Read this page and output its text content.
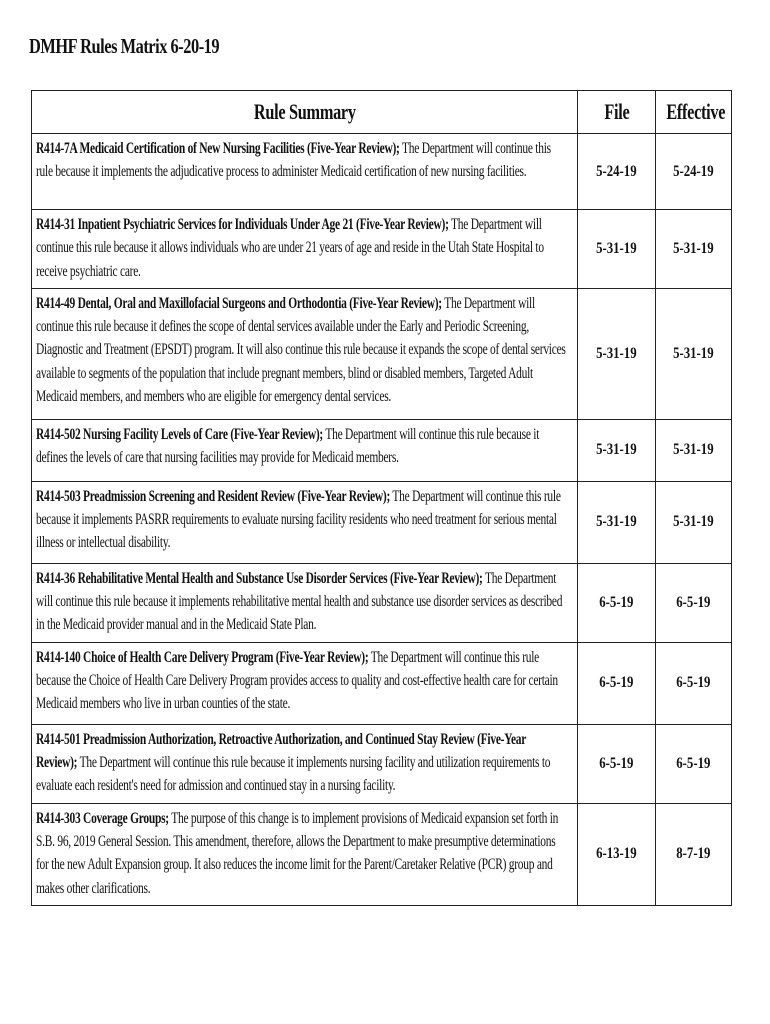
DMHF Rules Matrix 6-20-19
Rule Summary	File	Effective

R414-7A Medicaid Certification of New Nursing Facilities (Five-Year Review); The Department will continue this rule because it implements the adjudicative process to administer Medicaid certification of new nursing facilities.	5-24-19	5-24-19

R414-31 Inpatient Psychiatric Services for Individuals Under Age 21 (Five-Year Review); The Department will continue this rule because it allows individuals who are under 21 years of age and reside in the Utah State Hospital to receive psychiatric care.	5-31-19	5-31-19

R414-49 Dental, Oral and Maxillofacial Surgeons and Orthodontia (Five-Year Review); The Department will continue this rule because it defines the scope of dental services available under the Early and Periodic Screening, Diagnostic and Treatment (EPSDT) program. It will also continue this rule because it expands the scope of dental services available to segments of the population that include pregnant members, blind or disabled members, Targeted Adult Medicaid members, and members who are eligible for emergency dental services.	5-31-19	5-31-19

R414-502 Nursing Facility Levels of Care (Five-Year Review); The Department will continue this rule because it defines the levels of care that nursing facilities may provide for Medicaid members.	5-31-19	5-31-19

R414-503 Preadmission Screening and Resident Review (Five-Year Review); The Department will continue this rule because it implements PASRR requirements to evaluate nursing facility residents who need treatment for serious mental illness or intellectual disability.	5-31-19	5-31-19

R414-36 Rehabilitative Mental Health and Substance Use Disorder Services (Five-Year Review); The Department will continue this rule because it implements rehabilitative mental health and substance use disorder services as described in the Medicaid provider manual and in the Medicaid State Plan.	6-5-19	6-5-19

R414-140 Choice of Health Care Delivery Program (Five-Year Review); The Department will continue this rule because the Choice of Health Care Delivery Program provides access to quality and cost-effective health care for certain Medicaid members who live in urban counties of the state.	6-5-19	6-5-19

R414-501 Preadmission Authorization, Retroactive Authorization, and Continued Stay Review (Five-Year Review); The Department will continue this rule because it implements nursing facility and utilization requirements to evaluate each resident's need for admission and continued stay in a nursing facility.	6-5-19	6-5-19

R414-303 Coverage Groups; The purpose of this change is to implement provisions of Medicaid expansion set forth in S.B. 96, 2019 General Session. This amendment, therefore, allows the Department to make presumptive determinations for the new Adult Expansion group. It also reduces the income limit for the Parent/Caretaker Relative (PCR) group and makes other clarifications.	6-13-19	8-7-19
